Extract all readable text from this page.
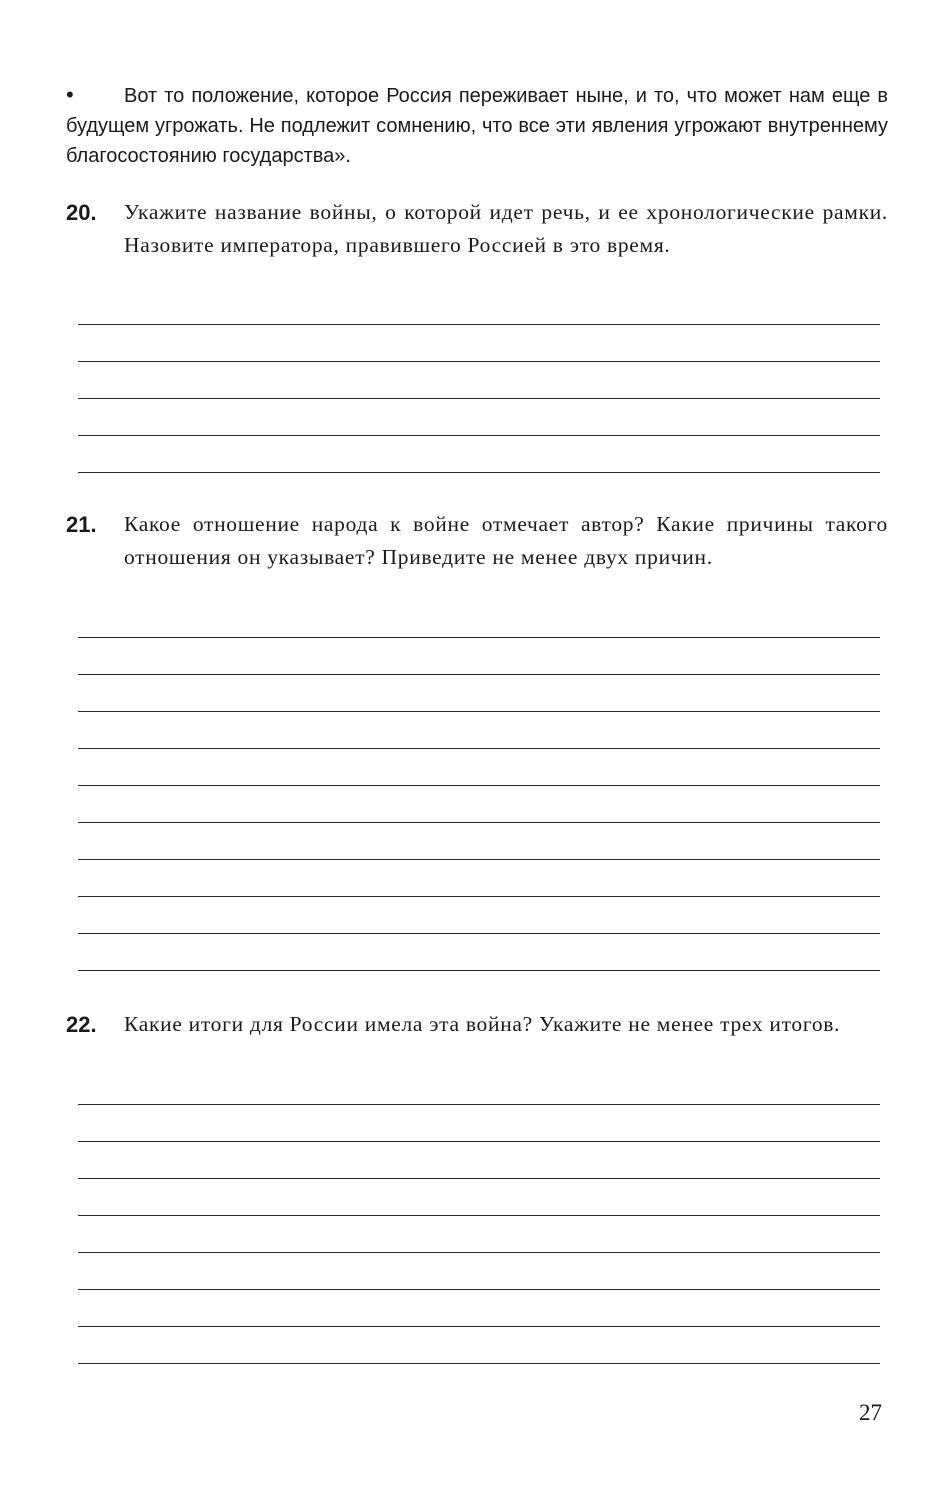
•	Вот то положение, которое Россия переживает ныне, и то, что может нам еще в будущем угрожать. Не подлежит сомнению, что все эти явления угрожают внутреннему благосостоянию государства».
20. Укажите название войны, о которой идет речь, и ее хронологические рамки. Назовите императора, правившего Россией в это время.
21. Какое отношение народа к войне отмечает автор? Какие причины такого отношения он указывает? Приведите не менее двух причин.
22. Какие итоги для России имела эта война? Укажите не менее трех итогов.
27
